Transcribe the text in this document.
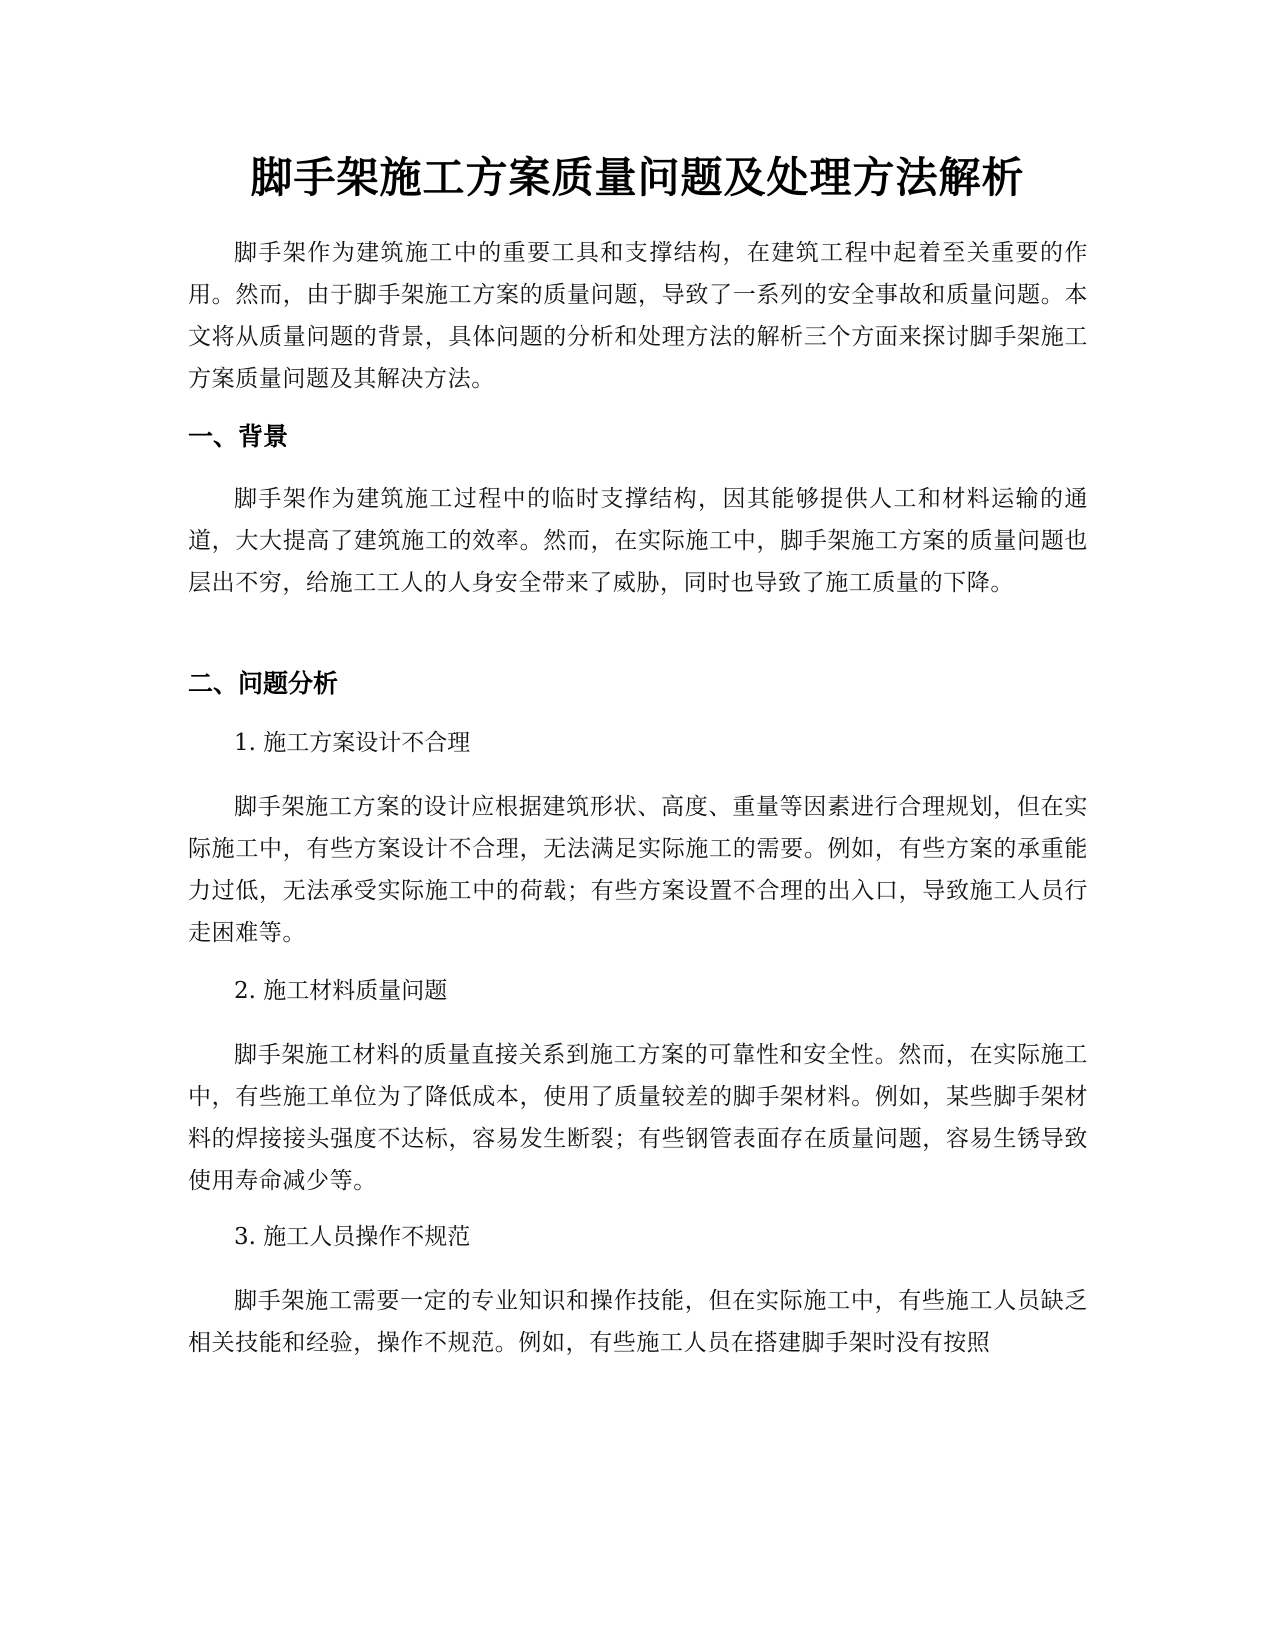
脚手架施工方案质量问题及处理方法解析
脚手架作为建筑施工中的重要工具和支撑结构，在建筑工程中起着至关重要的作用。然而，由于脚手架施工方案的质量问题，导致了一系列的安全事故和质量问题。本文将从质量问题的背景，具体问题的分析和处理方法的解析三个方面来探讨脚手架施工方案质量问题及其解决方法。
一、背景
脚手架作为建筑施工过程中的临时支撑结构，因其能够提供人工和材料运输的通道，大大提高了建筑施工的效率。然而，在实际施工中，脚手架施工方案的质量问题也层出不穷，给施工工人的人身安全带来了威胁，同时也导致了施工质量的下降。
二、问题分析
1. 施工方案设计不合理
脚手架施工方案的设计应根据建筑形状、高度、重量等因素进行合理规划，但在实际施工中，有些方案设计不合理，无法满足实际施工的需要。例如，有些方案的承重能力过低，无法承受实际施工中的荷载；有些方案设置不合理的出入口，导致施工人员行走困难等。
2. 施工材料质量问题
脚手架施工材料的质量直接关系到施工方案的可靠性和安全性。然而，在实际施工中，有些施工单位为了降低成本，使用了质量较差的脚手架材料。例如，某些脚手架材料的焊接接头强度不达标，容易发生断裂；有些钢管表面存在质量问题，容易生锈导致使用寿命减少等。
3. 施工人员操作不规范
脚手架施工需要一定的专业知识和操作技能，但在实际施工中，有些施工人员缺乏相关技能和经验，操作不规范。例如，有些施工人员在搭建脚手架时没有按照
